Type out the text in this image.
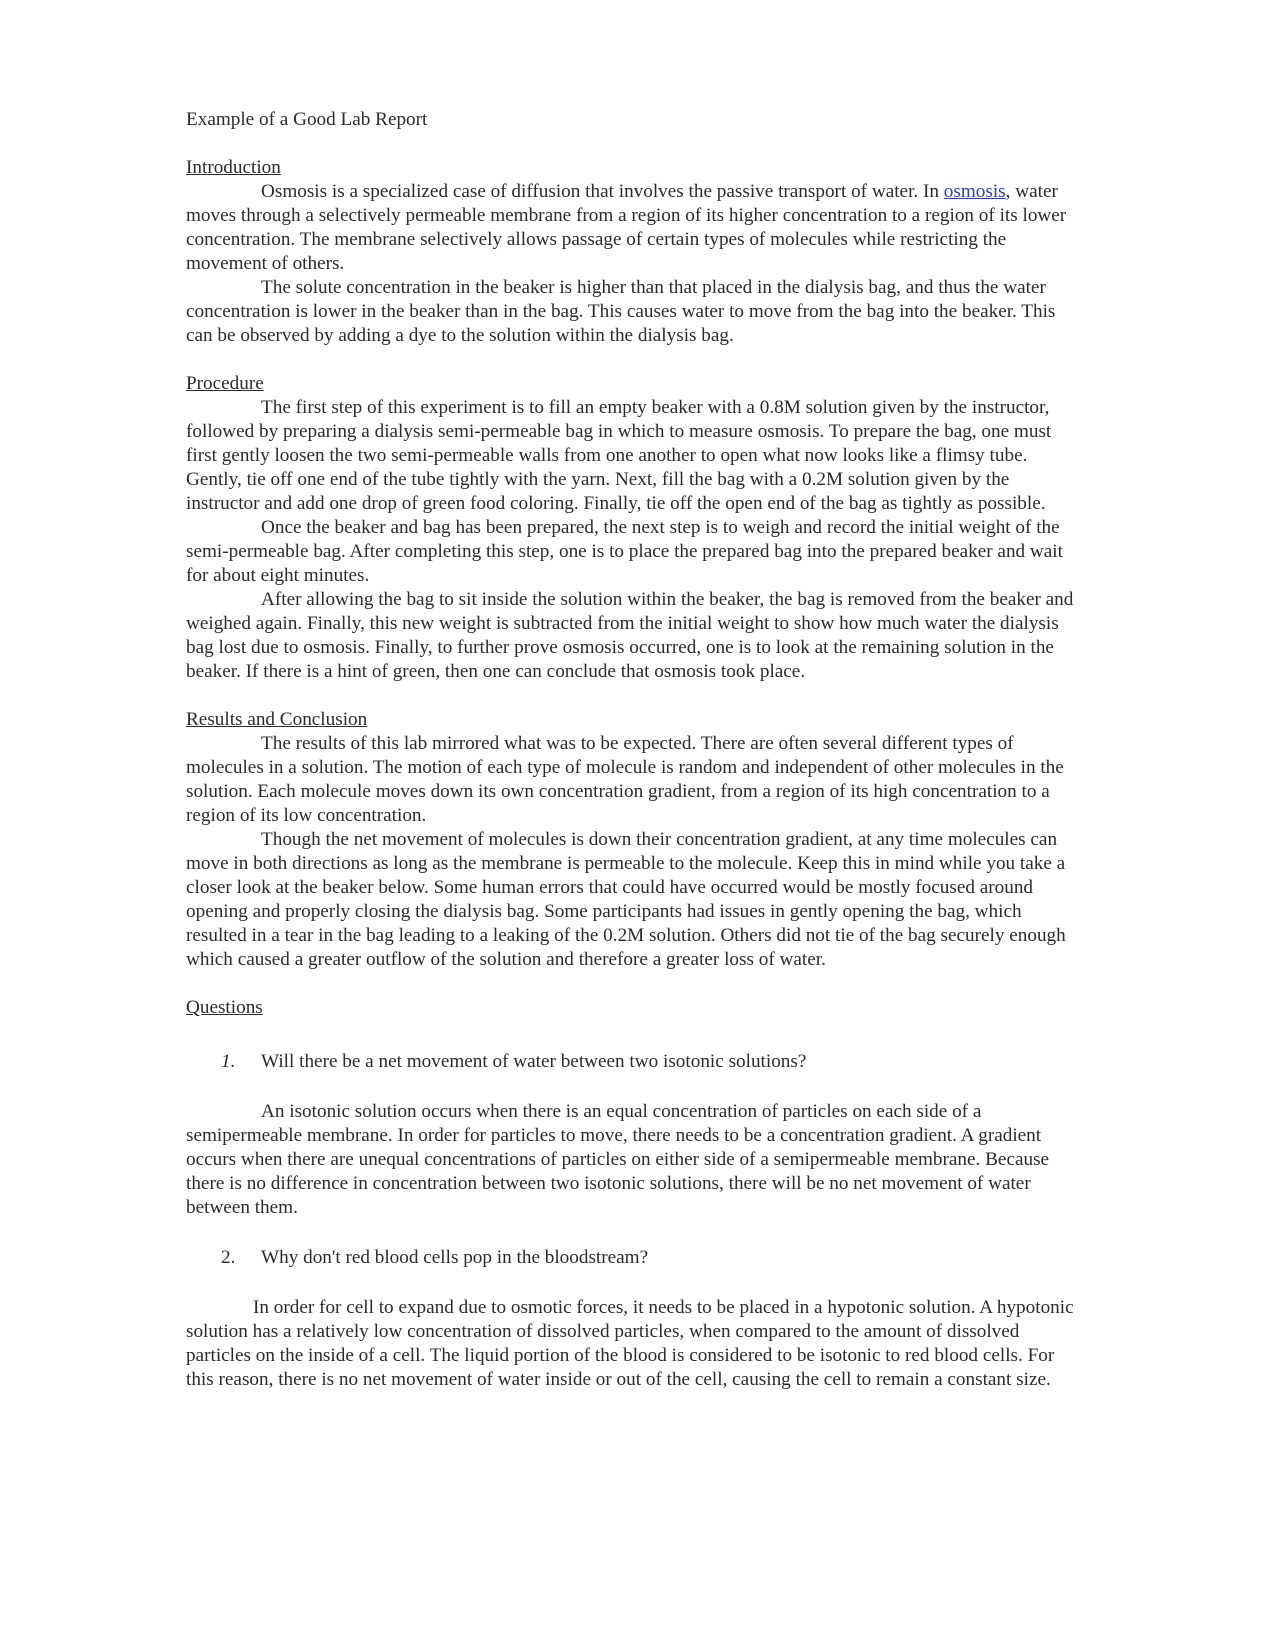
Example of a Good Lab Report
Introduction

Osmosis is a specialized case of diffusion that involves the passive transport of water. In osmosis, water moves through a selectively permeable membrane from a region of its higher concentration to a region of its lower concentration. The membrane selectively allows passage of certain types of molecules while restricting the movement of others.

The solute concentration in the beaker is higher than that placed in the dialysis bag, and thus the water concentration is lower in the beaker than in the bag. This causes water to move from the bag into the beaker. This can be observed by adding a dye to the solution within the dialysis bag.

Procedure

The first step of this experiment is to fill an empty beaker with a 0.8M solution given by the instructor, followed by preparing a dialysis semi-permeable bag in which to measure osmosis. To prepare the bag, one must first gently loosen the two semi-permeable walls from one another to open what now looks like a flimsy tube. Gently, tie off one end of the tube tightly with the yarn. Next, fill the bag with a 0.2M solution given by the instructor and add one drop of green food coloring. Finally, tie off the open end of the bag as tightly as possible.

Once the beaker and bag has been prepared, the next step is to weigh and record the initial weight of the semi-permeable bag. After completing this step, one is to place the prepared bag into the prepared beaker and wait for about eight minutes.

After allowing the bag to sit inside the solution within the beaker, the bag is removed from the beaker and weighed again. Finally, this new weight is subtracted from the initial weight to show how much water the dialysis bag lost due to osmosis. Finally, to further prove osmosis occurred, one is to look at the remaining solution in the beaker. If there is a hint of green, then one can conclude that osmosis took place.

Results and Conclusion

The results of this lab mirrored what was to be expected. There are often several different types of molecules in a solution. The motion of each type of molecule is random and independent of other molecules in the solution. Each molecule moves down its own concentration gradient, from a region of its high concentration to a region of its low concentration.

Though the net movement of molecules is down their concentration gradient, at any time molecules can move in both directions as long as the membrane is permeable to the molecule. Keep this in mind while you take a closer look at the beaker below. Some human errors that could have occurred would be mostly focused around opening and properly closing the dialysis bag. Some participants had issues in gently opening the bag, which resulted in a tear in the bag leading to a leaking of the 0.2M solution. Others did not tie of the bag securely enough which caused a greater outflow of the solution and therefore a greater loss of water.

Questions
1.	Will there be a net movement of water between two isotonic solutions?

An isotonic solution occurs when there is an equal concentration of particles on each side of a semipermeable membrane. In order for particles to move, there needs to be a concentration gradient. A gradient occurs when there are unequal concentrations of particles on either side of a semipermeable membrane. Because there is no difference in concentration between two isotonic solutions, there will be no net movement of water between them.

2.	Why don't red blood cells pop in the bloodstream?

In order for cell to expand due to osmotic forces, it needs to be placed in a hypotonic solution. A hypotonic solution has a relatively low concentration of dissolved particles, when compared to the amount of dissolved particles on the inside of a cell. The liquid portion of the blood is considered to be isotonic to red blood cells. For this reason, there is no net movement of water inside or out of the cell, causing the cell to remain a constant size.
